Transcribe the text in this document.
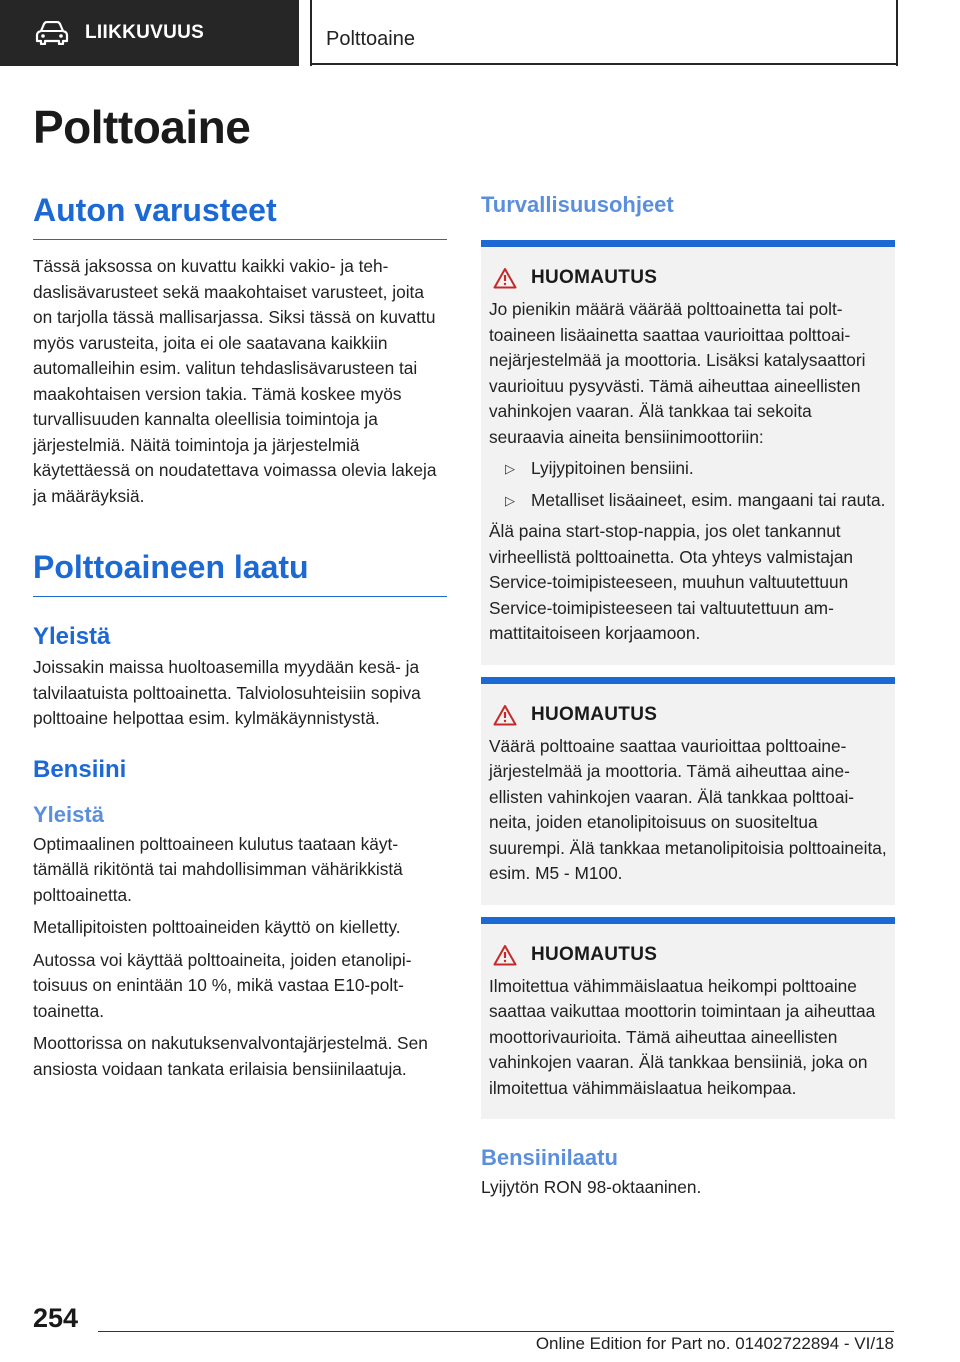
LIIKKUVUUS	Polttoaine
Polttoaine
Auton varusteet

Tässä jaksossa on kuvattu kaikki vakio- ja tehdaslisävarusteet sekä maakohtaiset varusteet, joita on tarjolla tässä mallisarjassa. Siksi tässä on kuvattu myös varusteita, joita ei ole saatavana kaikkiin automalleihin esim. valitun tehdaslisävarusteen tai maakohtaisen version takia. Tämä koskee myös turvallisuuden kannalta oleellisia toimintoja ja järjestelmiä. Näitä toimintoja ja järjestelmiä käytettäessä on noudatettava voimassa olevia lakeja ja määräyksiä.

Polttoaineen laatu
Yleistä

Joissakin maissa huoltoasemilla myydään kesä- ja talvilaatuista polttoainetta. Talviolosuhteisiin sopiva polttoaine helpottaa esim. kylmäkäynnistystä.

Bensiini
Yleistä

Optimaalinen polttoaineen kulutus taataan käyttämällä rikitöntä tai mahdollisimman vähärikkistä polttoainetta.

Metallipitoisten polttoaineiden käyttö on kielletty.

Autossa voi käyttää polttoaineita, joiden etanolipitoisuus on enintään 10 %, mikä vastaa E10-polttoainetta.

Moottorissa on nakutuksenvalvontajärjestelmä. Sen ansiosta voidaan tankata erilaisia bensiinilaatuja.

Turvallisuusohjeet
HUOMAUTUS

Jo pienikin määrä väärää polttoainetta tai polttoaineen lisäainetta saattaa vaurioittaa polttoainejärjestelmää ja moottoria. Lisäksi katalysaattori vaurioituu pysyvästi. Tämä aiheuttaa aineellisten vahinkojen vaaran. Älä tankkaa tai sekoita seuraavia aineita bensiinimoottoriin:

▷ Lyijypitoinen bensiini.
▷ Metalliset lisäaineet, esim. mangaani tai rauta.

Älä paina start-stop-nappia, jos olet tankannut virheellistä polttoainetta. Ota yhteys valmistajan Service-toimipisteeseen, muuhun valtuutettuun Service-toimipisteeseen tai valtuutettuun ammattitaitoiseen korjaamoon.

HUOMAUTUS

Väärä polttoaine saattaa vaurioittaa polttoainejärjestelmää ja moottoria. Tämä aiheuttaa aineellisten vahinkojen vaaran. Älä tankkaa polttoaineita, joiden etanolipitoisuus on suositeltua suurempi. Älä tankkaa metanolipitoisia polttoaineita, esim. M5 - M100.

HUOMAUTUS

Ilmoitettua vähimmäislaatua heikompi polttoaine saattaa vaikuttaa moottorin toimintaan ja aiheuttaa moottorivaurioita. Tämä aiheuttaa aineellisten vahinkojen vaaran. Älä tankkaa bensiiniä, joka on ilmoitettua vähimmäislaatua heikompaa.

Bensiinilaatu

Lyijytön RON 98-oktaaninen.

254
Online Edition for Part no. 01402722894 - VI/18
